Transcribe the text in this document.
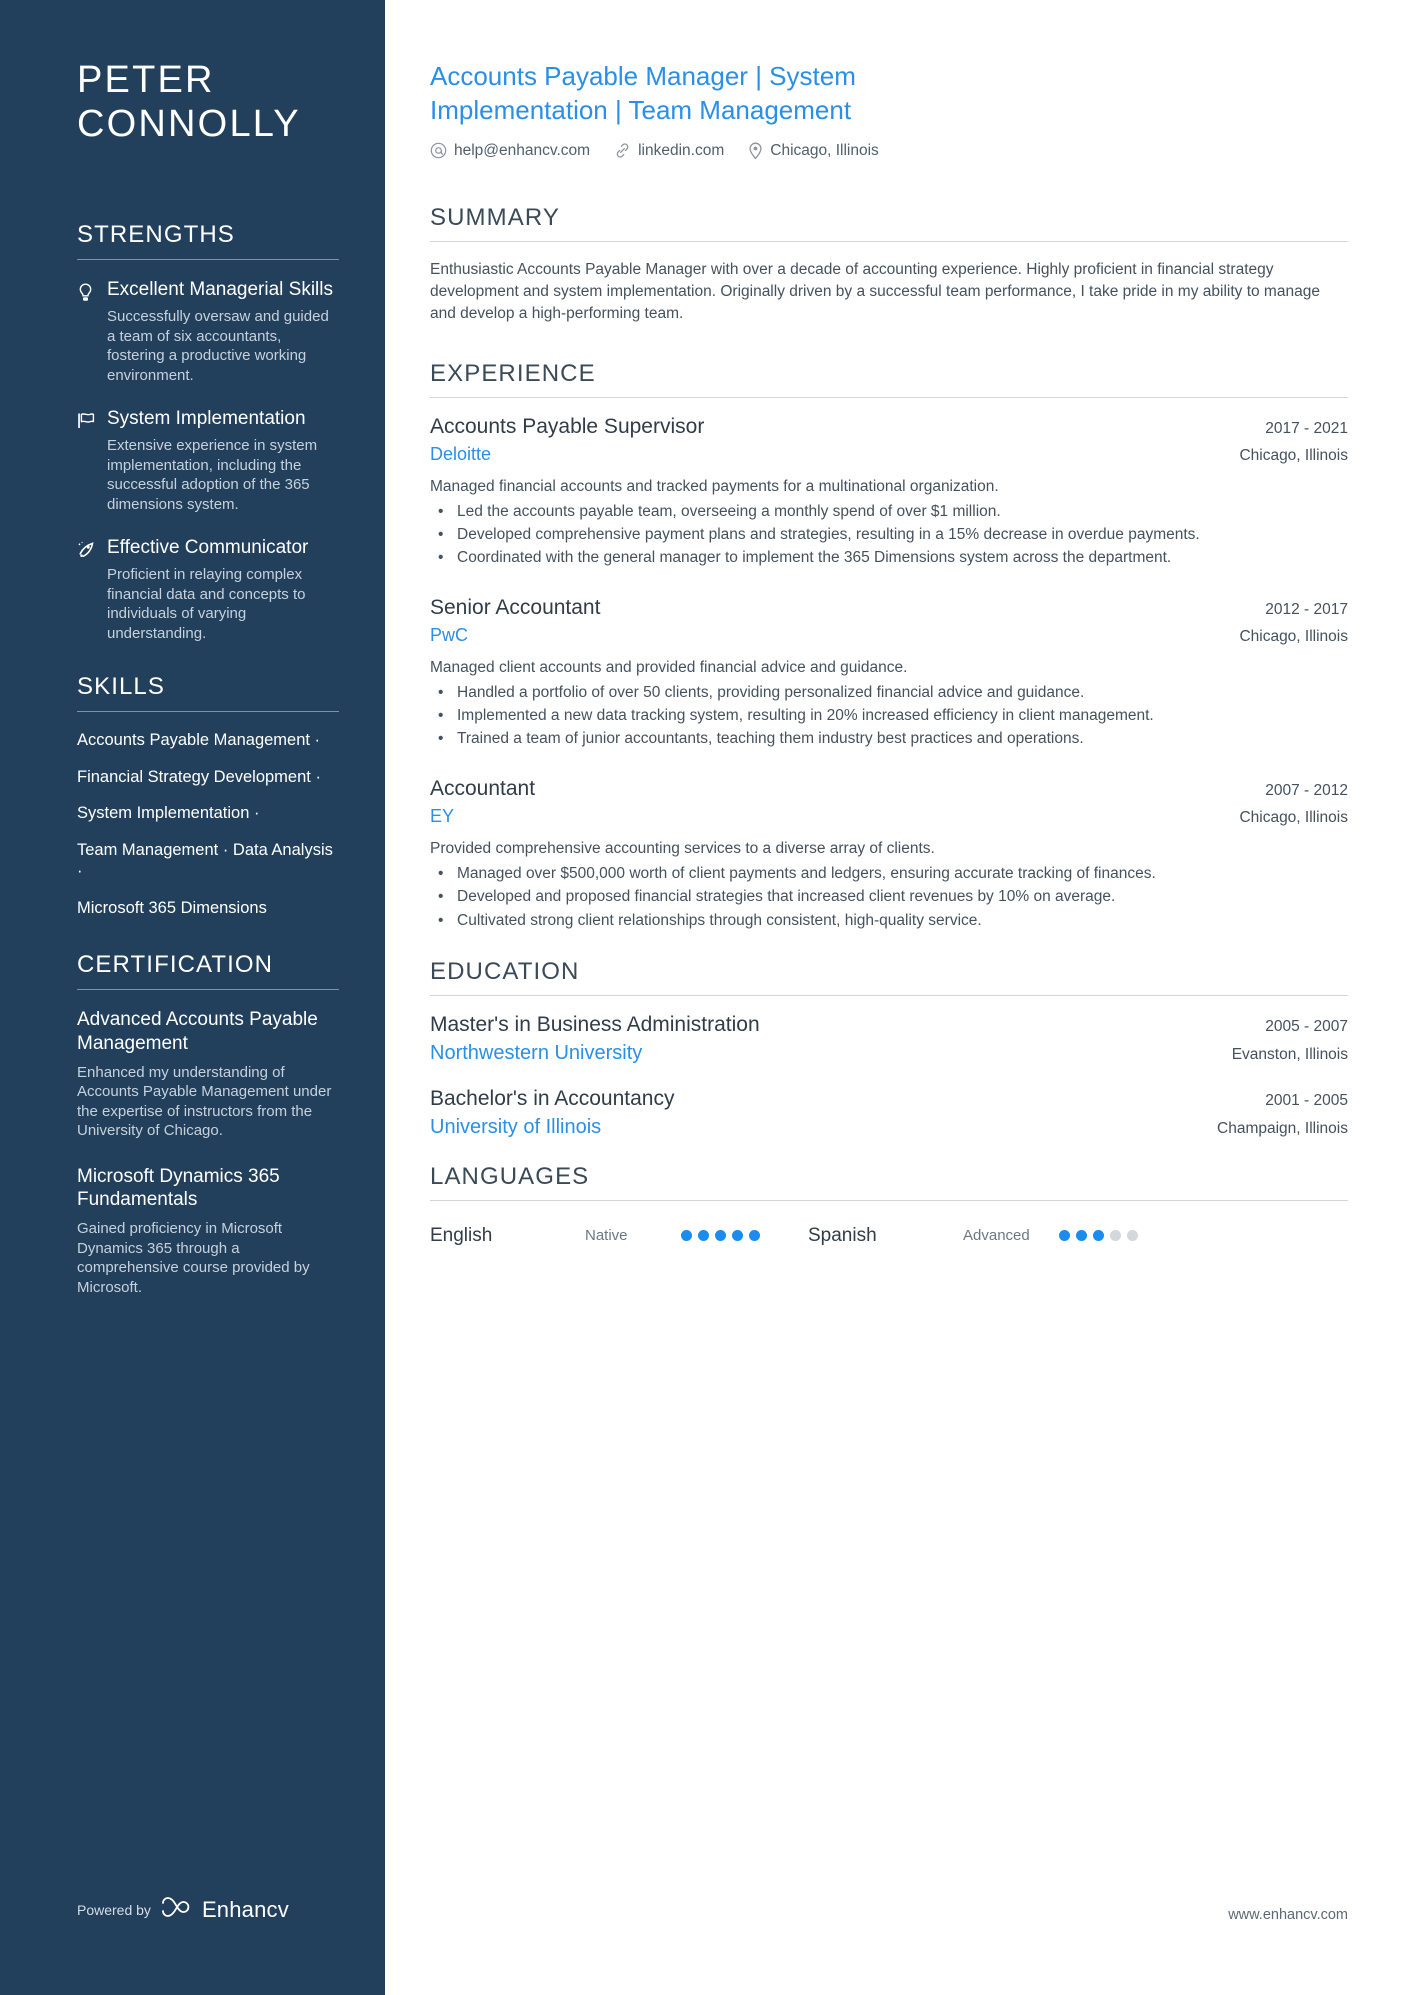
PETER
CONNOLLY
STRENGTHS
Excellent Managerial Skills
Successfully oversaw and guided a team of six accountants, fostering a productive working environment.
System Implementation
Extensive experience in system implementation, including the successful adoption of the 365 dimensions system.
Effective Communicator
Proficient in relaying complex financial data and concepts to individuals of varying understanding.
SKILLS
Accounts Payable Management ·
Financial Strategy Development ·
System Implementation ·
Team Management · Data Analysis ·
Microsoft 365 Dimensions
CERTIFICATION
Advanced Accounts Payable Management
Enhanced my understanding of Accounts Payable Management under the expertise of instructors from the University of Chicago.
Microsoft Dynamics 365 Fundamentals
Gained proficiency in Microsoft Dynamics 365 through a comprehensive course provided by Microsoft.
Powered by Enhancv
Accounts Payable Manager | System Implementation | Team Management
help@enhancv.com	linkedin.com	Chicago, Illinois
SUMMARY

Enthusiastic Accounts Payable Manager with over a decade of accounting experience. Highly proficient in financial strategy development and system implementation. Originally driven by a successful team performance, I take pride in my ability to manage and develop a high-performing team.

EXPERIENCE
Accounts Payable Supervisor	2017 - 2021
Deloitte	Chicago, Illinois

Managed financial accounts and tracked payments for a multinational organization.

• Led the accounts payable team, overseeing a monthly spend of over $1 million.
• Developed comprehensive payment plans and strategies, resulting in a 15% decrease in overdue payments.
• Coordinated with the general manager to implement the 365 Dimensions system across the department.
Senior Accountant	2012 - 2017
PwC	Chicago, Illinois

Managed client accounts and provided financial advice and guidance.

• Handled a portfolio of over 50 clients, providing personalized financial advice and guidance.
• Implemented a new data tracking system, resulting in 20% increased efficiency in client management.
• Trained a team of junior accountants, teaching them industry best practices and operations.
Accountant	2007 - 2012
EY	Chicago, Illinois

Provided comprehensive accounting services to a diverse array of clients.

• Managed over $500,000 worth of client payments and ledgers, ensuring accurate tracking of finances.
• Developed and proposed financial strategies that increased client revenues by 10% on average.
• Cultivated strong client relationships through consistent, high-quality service.
EDUCATION
Master's in Business Administration	2005 - 2007
Northwestern University	Evanston, Illinois
Bachelor's in Accountancy	2001 - 2005
University of Illinois	Champaign, Illinois
LANGUAGES
English	Native	Spanish	Advanced
www.enhancv.com
